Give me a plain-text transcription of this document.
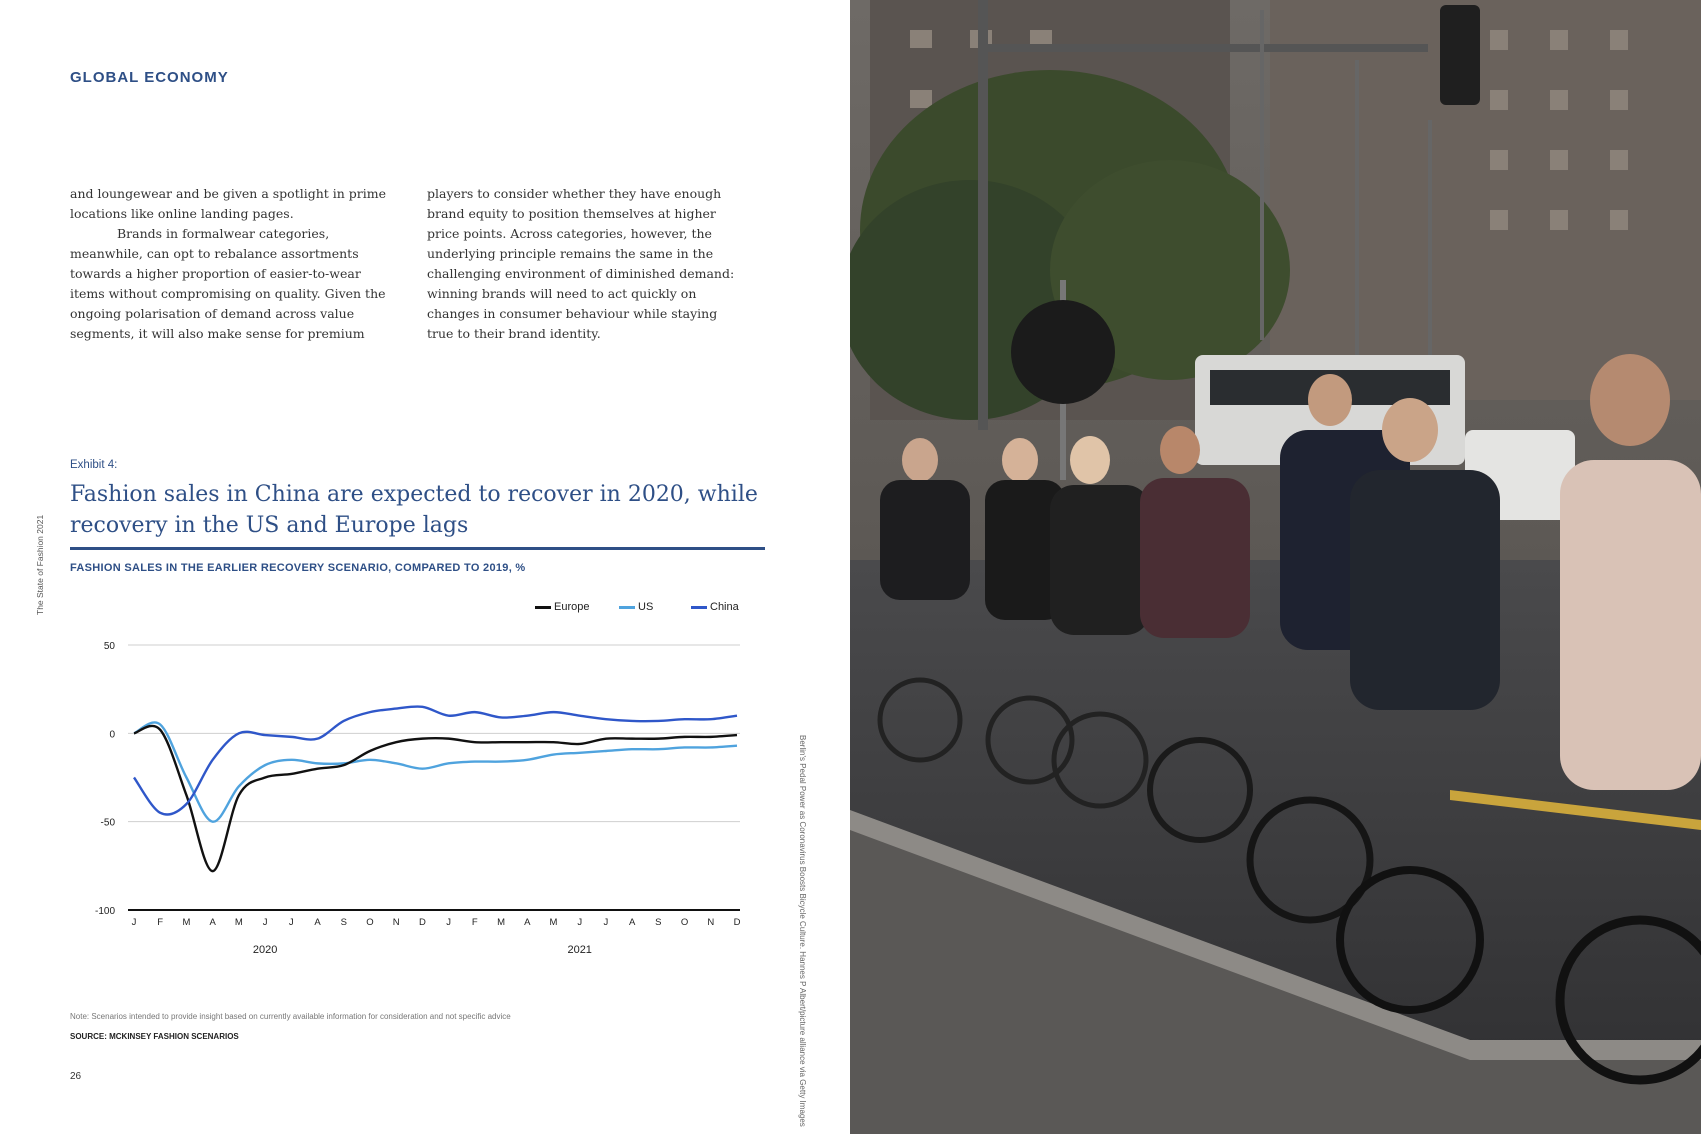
GLOBAL ECONOMY
The State of Fashion 2021

and loungewear and be given a spotlight in prime locations like online landing pages.

Brands in formalwear categories, meanwhile, can opt to rebalance assortments towards a higher proportion of easier-to-wear items without compromising on quality. Given the ongoing polarisation of demand across value segments, it will also make sense for premium

players to consider whether they have enough brand equity to position themselves at higher price points. Across categories, however, the underlying principle remains the same in the challenging environment of diminished demand: winning brands will need to act quickly on changes in consumer behaviour while staying true to their brand identity.

Exhibit 4:
Fashion sales in China are expected to recover in 2020, while recovery in the US and Europe lags
FASHION SALES IN THE EARLIER RECOVERY SCENARIO, COMPARED TO 2019, %
Europe	US	China
50
0
-50
-100
J F M A M J J A S O N D J F M A M J J A S O N D
2020	2021
Note: Scenarios intended to provide insight based on currently available information for consideration and not specific advice
SOURCE: MCKINSEY FASHION SCENARIOS
26	Berlin's Pedal Power as Coronavirus Boosts Bicycle Culture. Hannes P Albert/picture alliance via Getty Images
